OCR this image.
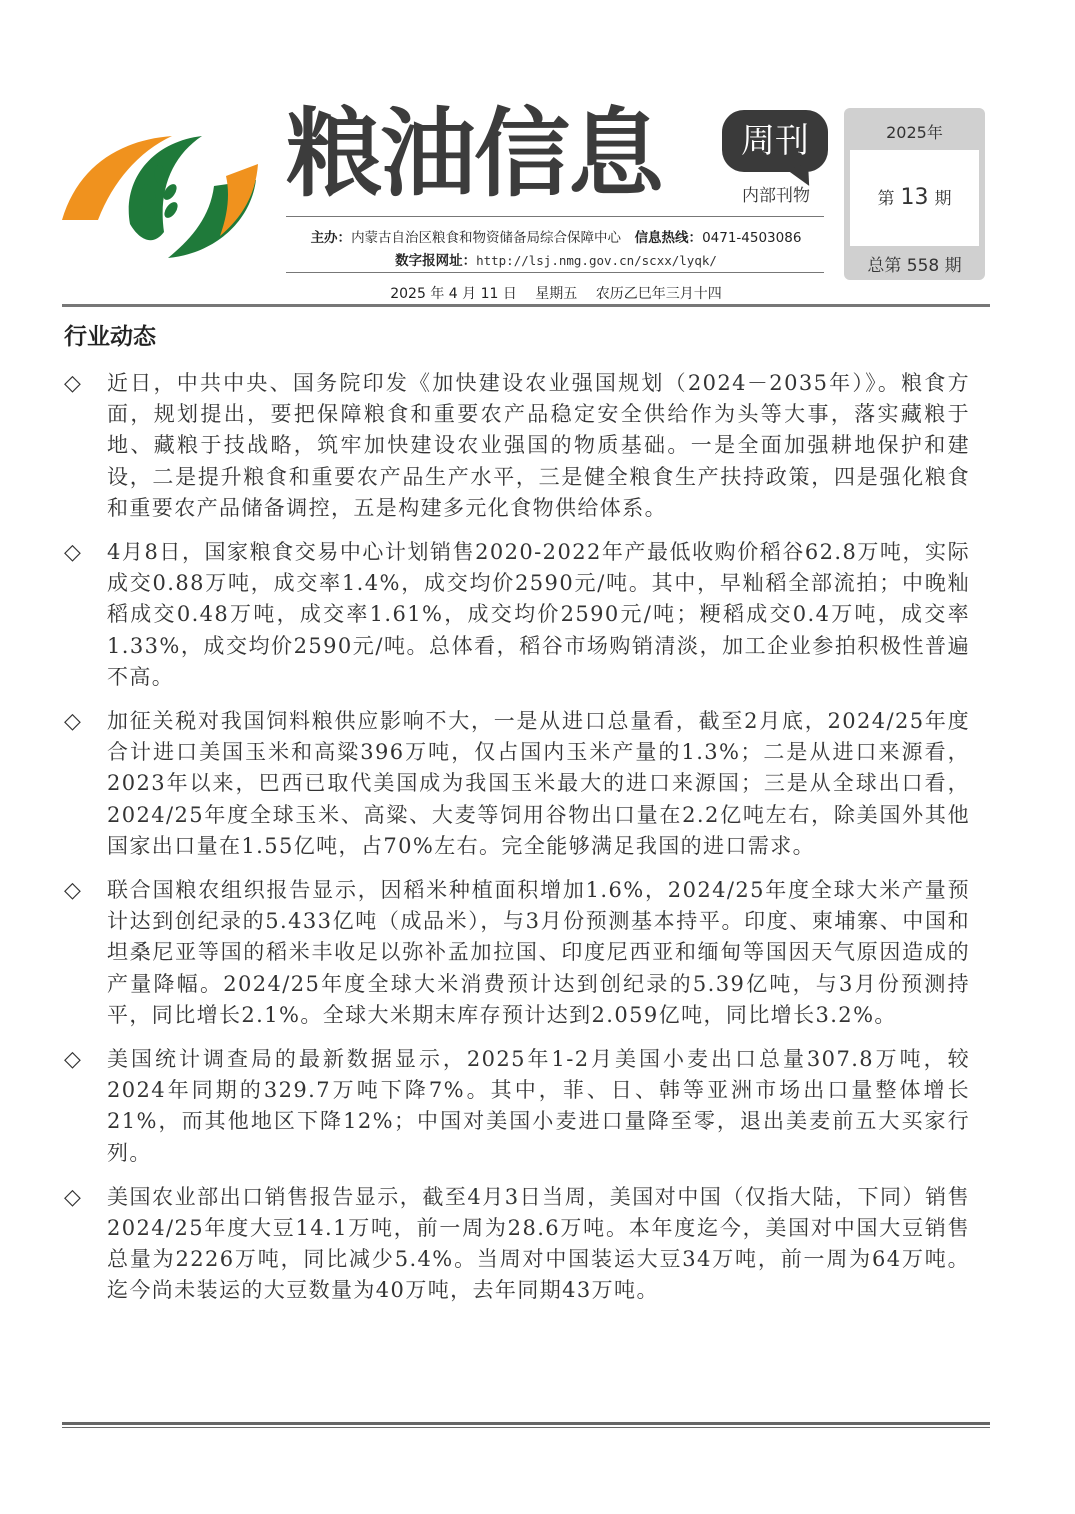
粮油信息	周刊
内部刊物
主办：内蒙古自治区粮食和物资储备局综合保障中心　 信息热线：0471-4503086
数字报网址：http://lsj.nmg.gov.cn/scxx/lyqk/
2025年
第 13 期
总第 558 期
2025 年 4 月 11 日　 星期五　 农历乙巳年三月十四
行业动态
◇ 近日，中共中央、国务院印发《加快建设农业强国规划（2024－2035年）》。粮食方面，规划提出，要把保障粮食和重要农产品稳定安全供给作为头等大事，落实藏粮于地、藏粮于技战略，筑牢加快建设农业强国的物质基础。一是全面加强耕地保护和建设，二是提升粮食和重要农产品生产水平，三是健全粮食生产扶持政策，四是强化粮食和重要农产品储备调控，五是构建多元化食物供给体系。
◇ 4月8日，国家粮食交易中心计划销售2020-2022年产最低收购价稻谷62.8万吨，实际成交0.88万吨，成交率1.4%，成交均价2590元/吨。其中，早籼稻全部流拍；中晚籼稻成交0.48万吨，成交率1.61%，成交均价2590元/吨；粳稻成交0.4万吨，成交率1.33%，成交均价2590元/吨。总体看，稻谷市场购销清淡，加工企业参拍积极性普遍不高。
◇ 加征关税对我国饲料粮供应影响不大，一是从进口总量看，截至2月底，2024/25年度合计进口美国玉米和高粱396万吨，仅占国内玉米产量的1.3%；二是从进口来源看，2023年以来，巴西已取代美国成为我国玉米最大的进口来源国；三是从全球出口看，2024/25年度全球玉米、高粱、大麦等饲用谷物出口量在2.2亿吨左右，除美国外其他国家出口量在1.55亿吨，占70%左右。完全能够满足我国的进口需求。
◇ 联合国粮农组织报告显示，因稻米种植面积增加1.6%，2024/25年度全球大米产量预计达到创纪录的5.433亿吨（成品米），与3月份预测基本持平。印度、柬埔寨、中国和坦桑尼亚等国的稻米丰收足以弥补孟加拉国、印度尼西亚和缅甸等国因天气原因造成的产量降幅。2024/25年度全球大米消费预计达到创纪录的5.39亿吨，与3月份预测持平，同比增长2.1%。全球大米期末库存预计达到2.059亿吨，同比增长3.2%。
◇ 美国统计调查局的最新数据显示，2025年1-2月美国小麦出口总量307.8万吨，较2024年同期的329.7万吨下降7%。其中，菲、日、韩等亚洲市场出口量整体增长21%，而其他地区下降12%；中国对美国小麦进口量降至零，退出美麦前五大买家行列。
◇ 美国农业部出口销售报告显示，截至4月3日当周，美国对中国（仅指大陆，下同）销售2024/25年度大豆14.1万吨，前一周为28.6万吨。本年度迄今，美国对中国大豆销售总量为2226万吨，同比减少5.4%。当周对中国装运大豆34万吨，前一周为64万吨。迄今尚未装运的大豆数量为40万吨，去年同期43万吨。
